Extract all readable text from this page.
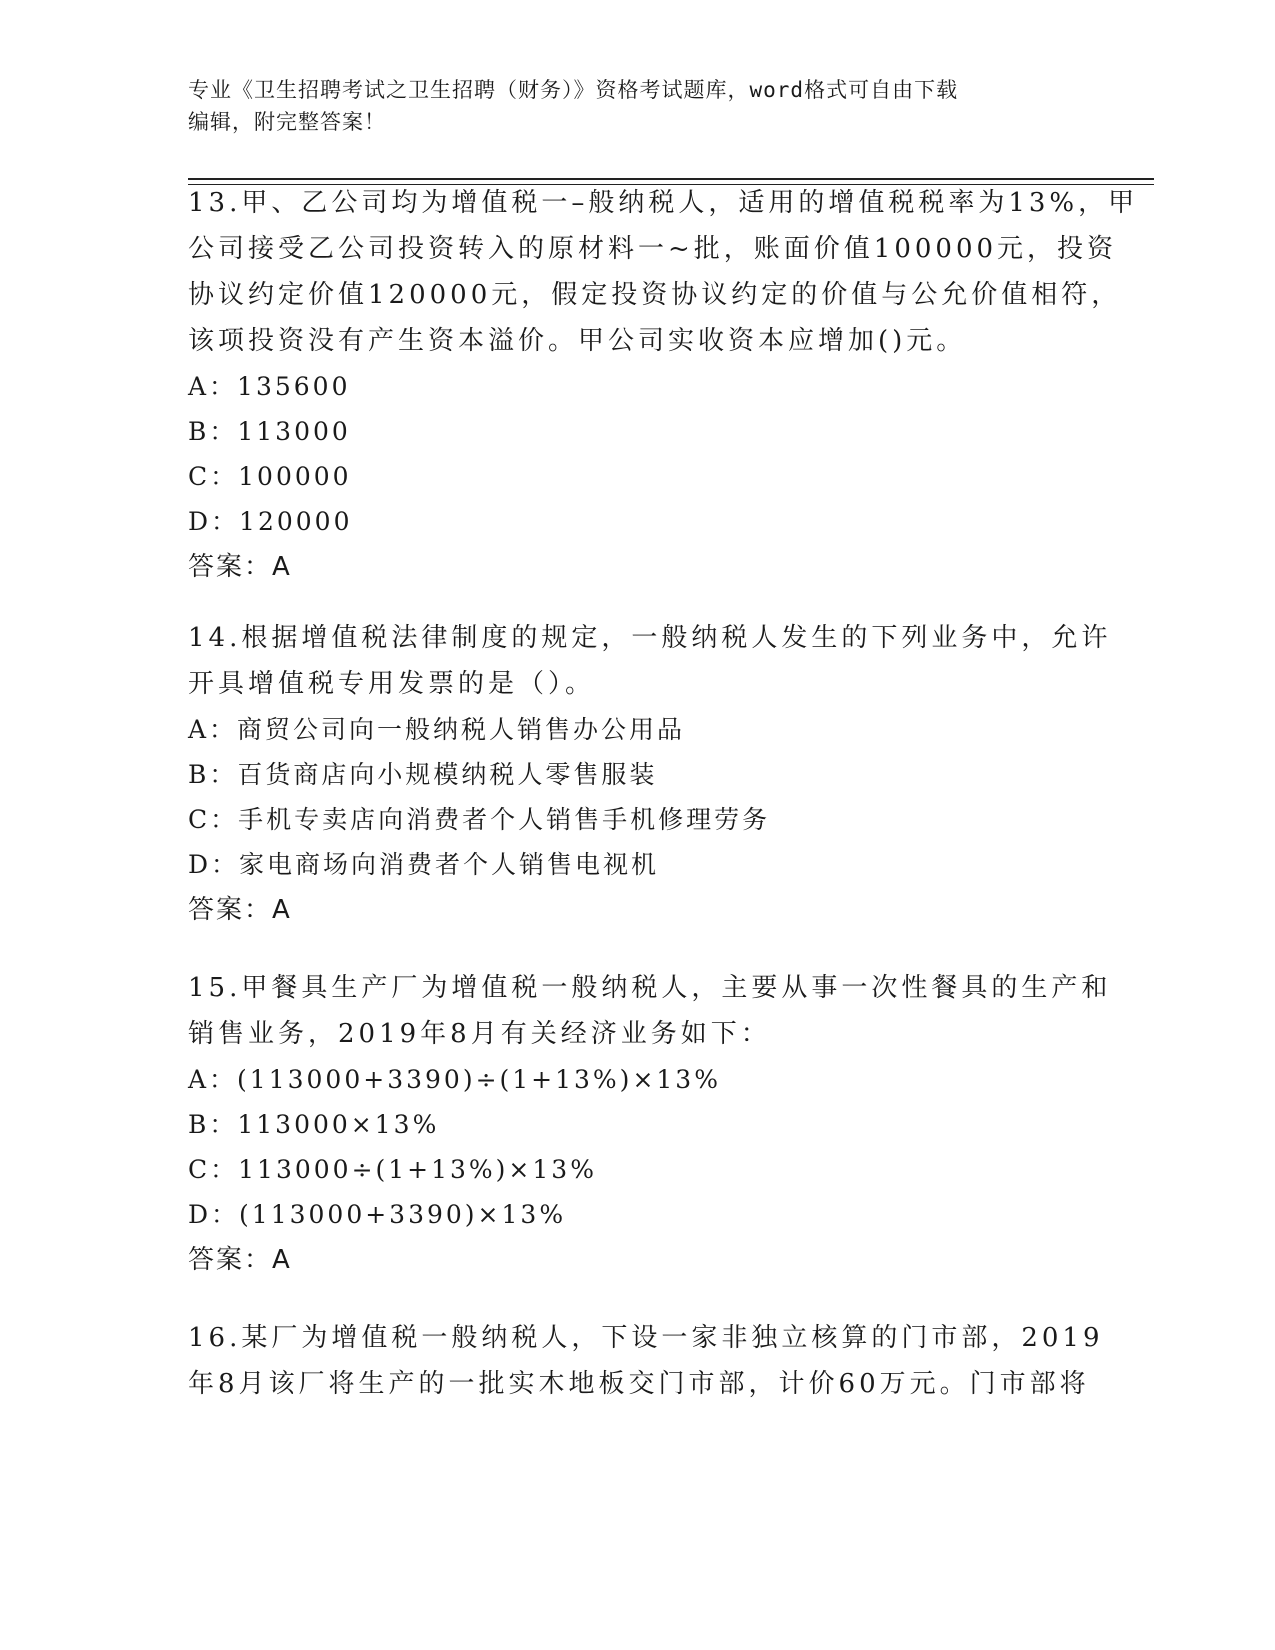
专业《卫生招聘考试之卫生招聘（财务）》资格考试题库，word格式可自由下载
编辑，附完整答案！
13.甲、乙公司均为增值税一–般纳税人，适用的增值税税率为13%，甲
公司接受乙公司投资转入的原材料一~批，账面价值100000元，投资
协议约定价值120000元，假定投资协议约定的价值与公允价值相符，
该项投资没有产生资本溢价。甲公司实收资本应增加()元。
A：135600
B：113000
C：100000
D：120000
答案：A
14.根据增值税法律制度的规定，一般纳税人发生的下列业务中，允许
开具增值税专用发票的是（）。
A：商贸公司向一般纳税人销售办公用品
B：百货商店向小规模纳税人零售服装
C：手机专卖店向消费者个人销售手机修理劳务
D：家电商场向消费者个人销售电视机
答案：A
15.甲餐具生产厂为增值税一般纳税人，主要从事一次性餐具的生产和
销售业务，2019年8月有关经济业务如下：
A：(113000+3390)÷(1+13%)×13%
B：113000×13%
C：113000÷(1+13%)×13%
D：(113000+3390)×13%
答案：A
16.某厂为增值税一般纳税人，下设一家非独立核算的门市部，2019
年8月该厂将生产的一批实木地板交门市部，计价60万元。门市部将
